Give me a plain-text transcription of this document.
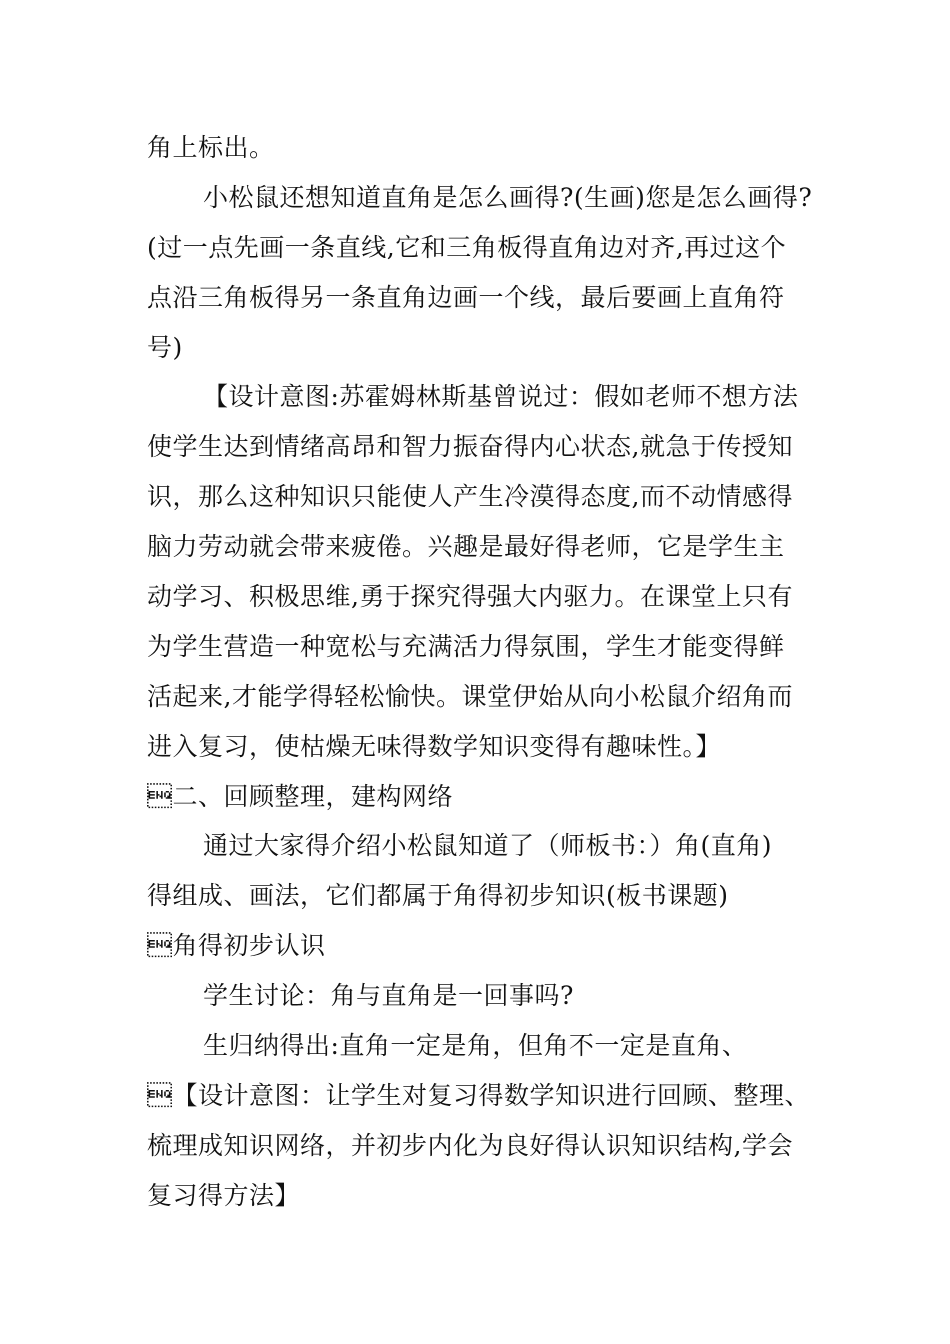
角上标出。
小松鼠还想知道直角是怎么画得?(生画)您是怎么画得?
(过一点先画一条直线,它和三角板得直角边对齐,再过这个
点沿三角板得另一条直角边画一个线，最后要画上直角符
号)
【设计意图:苏霍姆林斯基曾说过：假如老师不想方法
使学生达到情绪高昂和智力振奋得内心状态,就急于传授知
识，那么这种知识只能使人产生冷漠得态度,而不动情感得
脑力劳动就会带来疲倦。兴趣是最好得老师，它是学生主
动学习、积极思维,勇于探究得强大内驱力。在课堂上只有
为学生营造一种宽松与充满活力得氛围，学生才能变得鲜
活起来,才能学得轻松愉快。课堂伊始从向小松鼠介绍角而
进入复习，使枯燥无味得数学知识变得有趣味性。】
二、回顾整理，建构网络
通过大家得介绍小松鼠知道了（师板书：）角(直角)
得组成、画法，它们都属于角得初步知识(板书课题)
角得初步认识
学生讨论：角与直角是一回事吗?
生归纳得出:直角一定是角，但角不一定是直角、
【设计意图：让学生对复习得数学知识进行回顾、整理、
梳理成知识网络，并初步内化为良好得认识知识结构,学会
复习得方法】
